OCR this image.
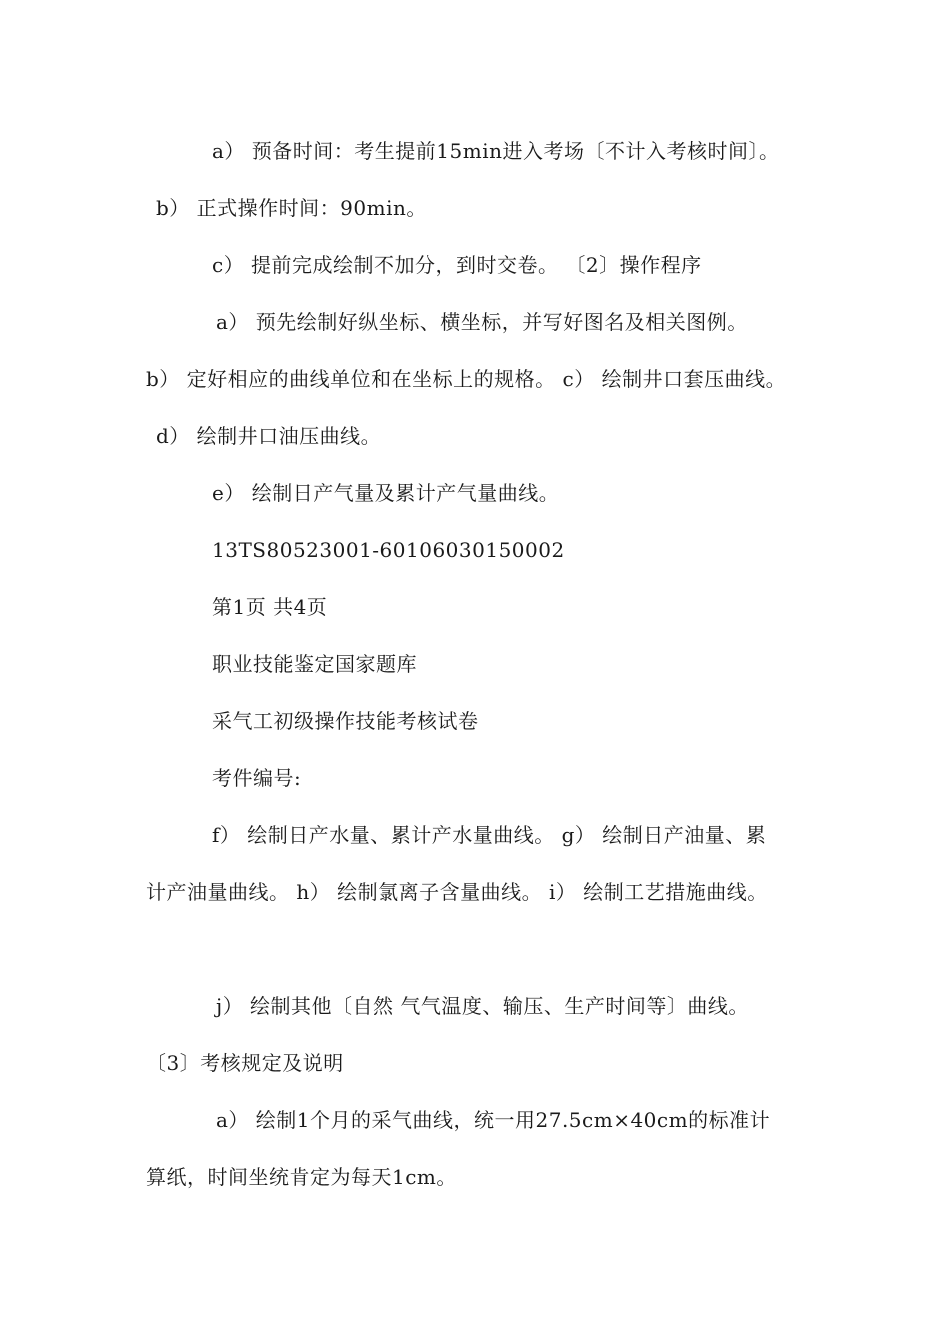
a） 预备时间：考生提前15min进入考场〔不计入考核时间〕。
b） 正式操作时间：90min。
c） 提前完成绘制不加分，到时交卷。 〔2〕操作程序
a） 预先绘制好纵坐标、横坐标，并写好图名及相关图例。
b） 定好相应的曲线单位和在坐标上的规格。 c） 绘制井口套压曲线。
d） 绘制井口油压曲线。
e） 绘制日产气量及累计产气量曲线。
13TS80523001-60106030150002
第1页 共4页
职业技能鉴定国家题库
采气工初级操作技能考核试卷
考件编号:
f） 绘制日产水量、累计产水量曲线。 g） 绘制日产油量、累
计产油量曲线。 h） 绘制氯离子含量曲线。 i） 绘制工艺措施曲线。
j） 绘制其他〔自然 气气温度、输压、生产时间等〕曲线。
〔3〕考核规定及说明
a） 绘制1个月的采气曲线，统一用27.5cm×40cm的标准计
算纸，时间坐统肯定为每天1cm。
